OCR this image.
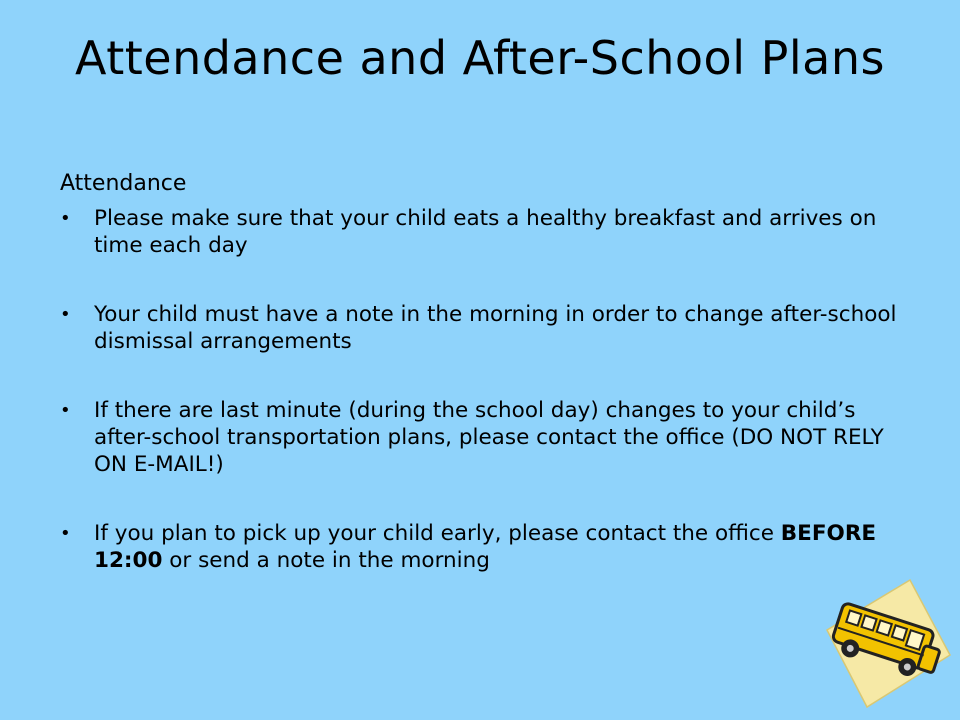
Attendance and After-School Plans
Attendance
• Please make sure that your child eats a healthy breakfast and arrives on time each day
• Your child must have a note in the morning in order to change after-school dismissal arrangements
• If there are last minute (during the school day) changes to your child’s after-school transportation plans, please contact the office (DO NOT RELY ON E-MAIL!)
• If you plan to pick up your child early, please contact the office BEFORE 12:00 or send a note in the morning
